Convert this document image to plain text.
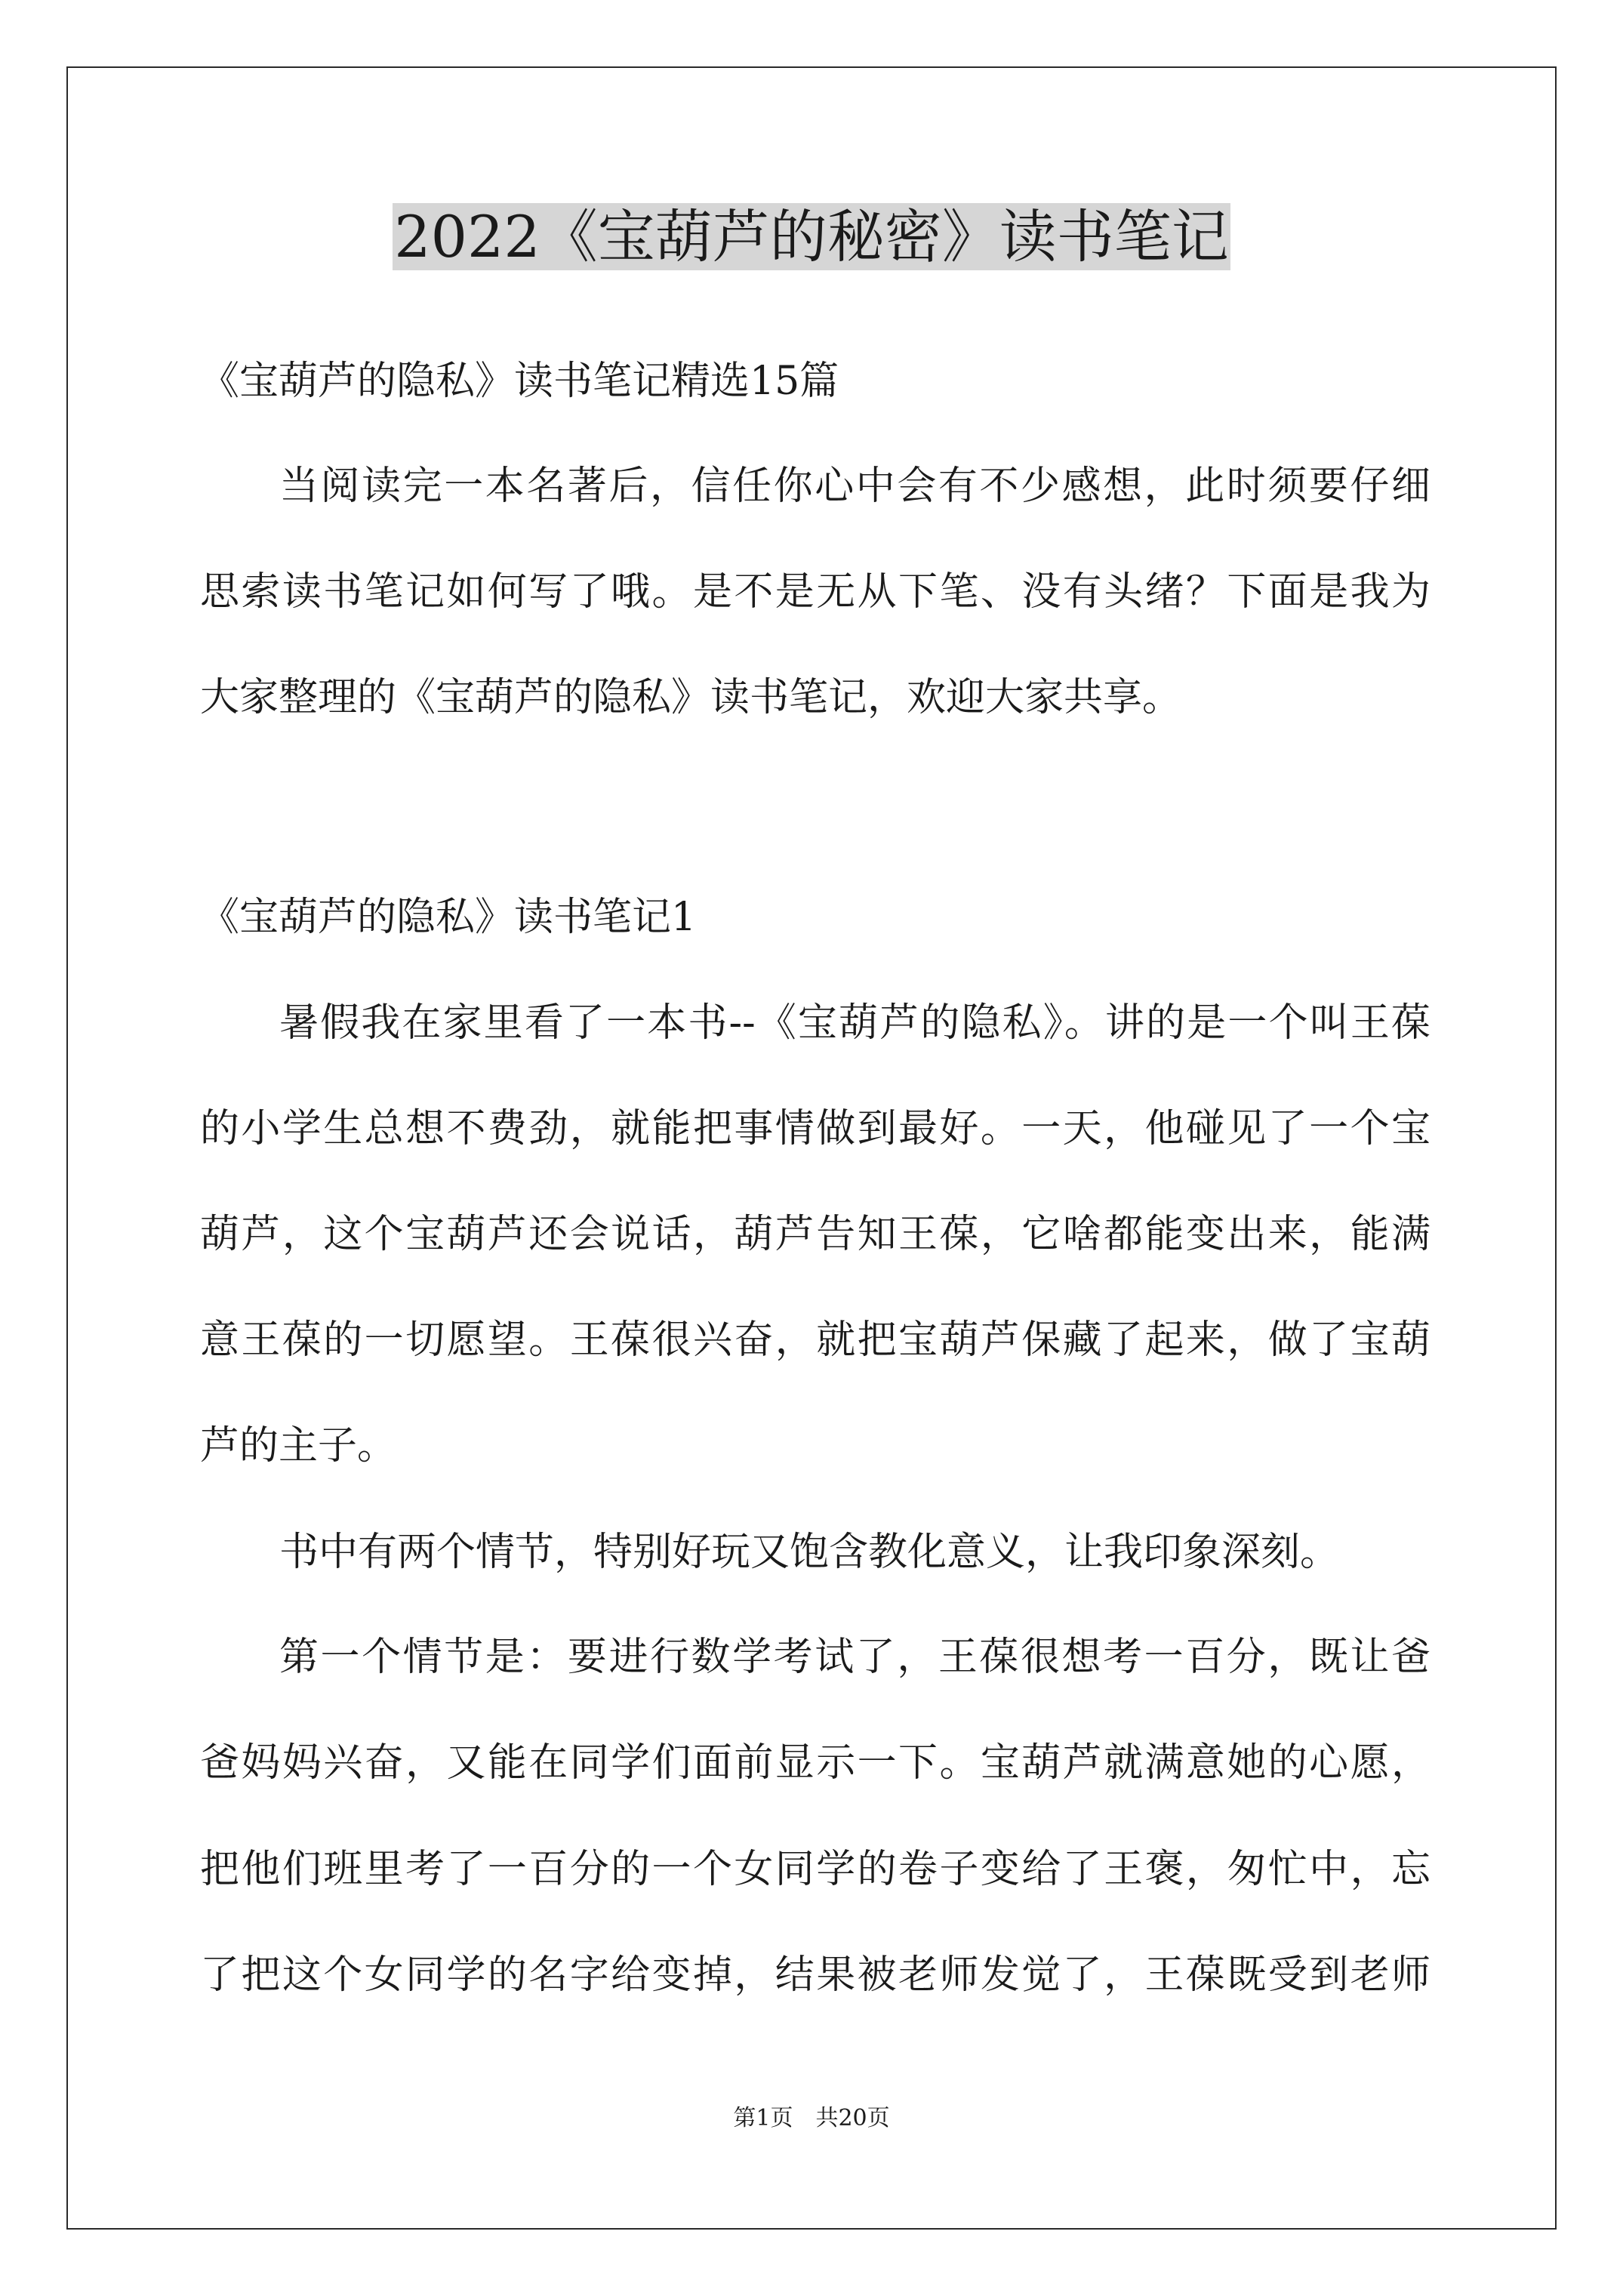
2022《宝葫芦的秘密》读书笔记
《宝葫芦的隐私》读书笔记精选15篇
当阅读完一本名著后，信任你心中会有不少感想，此时须要仔细
思索读书笔记如何写了哦。是不是无从下笔、没有头绪？下面是我为
大家整理的《宝葫芦的隐私》读书笔记，欢迎大家共享。
《宝葫芦的隐私》读书笔记1
暑假我在家里看了一本书--《宝葫芦的隐私》。讲的是一个叫王葆
的小学生总想不费劲，就能把事情做到最好。一天，他碰见了一个宝
葫芦，这个宝葫芦还会说话，葫芦告知王葆，它啥都能变出来，能满
意王葆的一切愿望。王葆很兴奋，就把宝葫芦保藏了起来，做了宝葫
芦的主子。
书中有两个情节，特别好玩又饱含教化意义，让我印象深刻。
第一个情节是：要进行数学考试了，王葆很想考一百分，既让爸
爸妈妈兴奋，又能在同学们面前显示一下。宝葫芦就满意她的心愿，
把他们班里考了一百分的一个女同学的卷子变给了王褒，匆忙中，忘
了把这个女同学的名字给变掉，结果被老师发觉了，王葆既受到老师
第1页　共20页
